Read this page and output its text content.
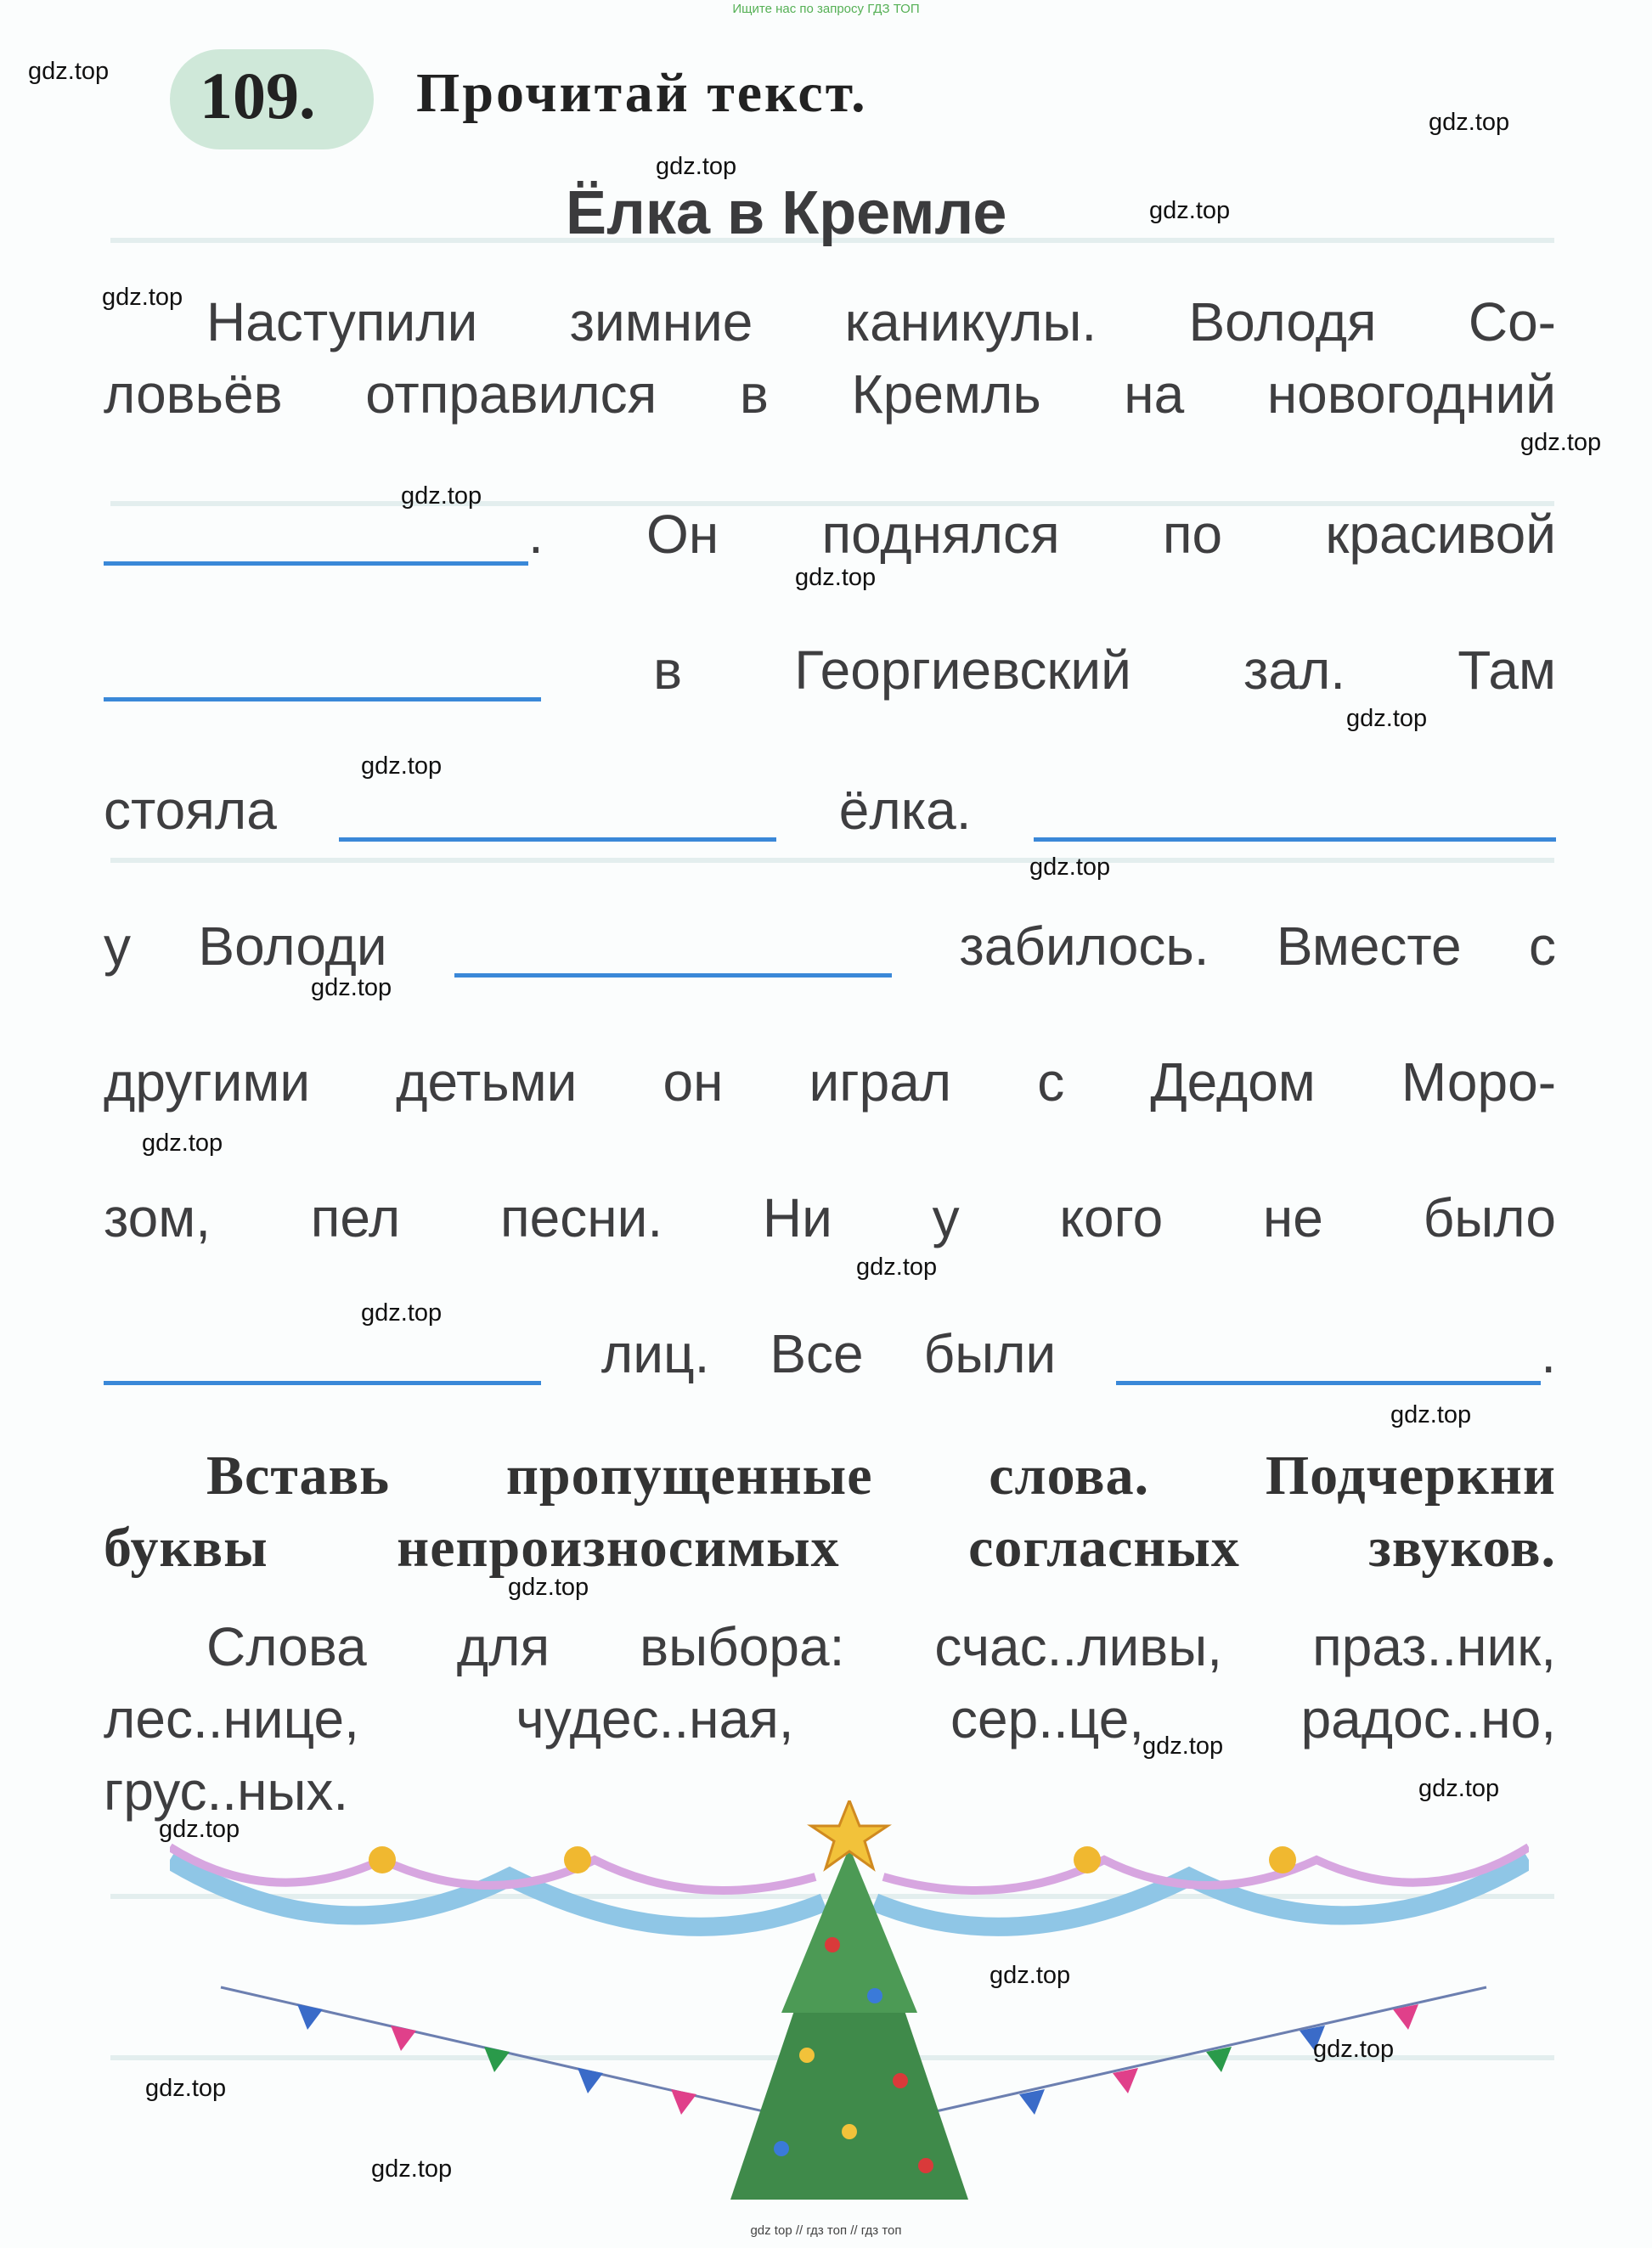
Ищите нас по запросу ГДЗ ТОП
109. Прочитай текст.
Ёлка в Кремле
Наступили зимние каникулы. Володя Со-
ловьёв отправился в Кремль на новогодний
. Он поднялся по красивой
в Георгиевский зал. Там
стояла	ёлка.
у Володи	забилось. Вместе с
другими детьми он играл с Дедом Моро-
зом, пел песни. Ни у кого не было
лиц. Все были	.
Вставь пропущенные слова. Подчеркни
буквы непроизносимых согласных звуков.
Слова для выбора: счас..ливы, праз..ник,
лес..нице,	чудес..ная,	сер..це,	радос..но,
грус..ных.
gdz.top
gdz.top
gdz.top
gdz.top
gdz.top
gdz.top
gdz.top
gdz.top
gdz.top
gdz.top
gdz.top
gdz.top
gdz.top
gdz.top
gdz.top
gdz.top
gdz.top
gdz.top
gdz.top
gdz.top
gdz.top
gdz.top
gdz.top
gdz.top
gdz top // гдз топ // гдз топ
